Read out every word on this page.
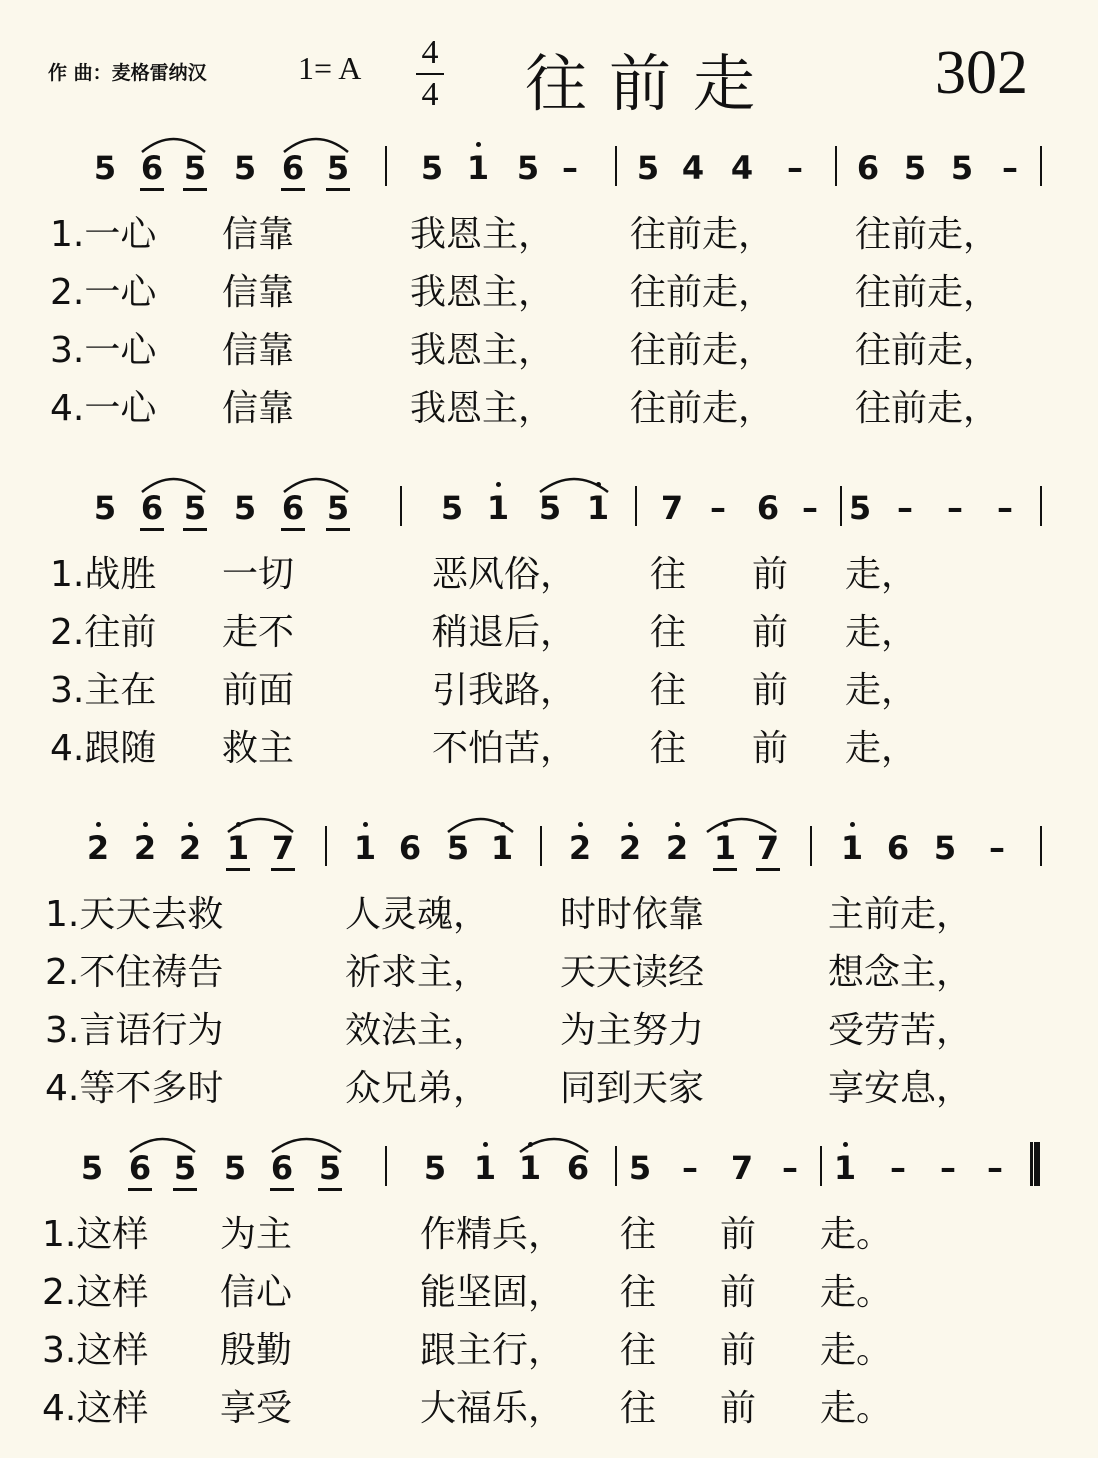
作 曲：麦格雷纳汉	1= A 4
4 往前走	302
5 6 5 5 6 5 5 1 5 – 5 4 4 – 6 5 5 –
1.一心 信靠	我恩主， 往前走， 往前走，
2.一心 信靠	我恩主， 往前走， 往前走，
3.一心 信靠	我恩主， 往前走， 往前走，
4.一心 信靠	我恩主， 往前走， 往前走，
5 6 5 5 6 5	5 1 5 1 7 – 6 – 5 – – –
1.战胜 一切	恶风俗， 往 前 走，
2.往前 走不	稍退后， 往 前 走，
3.主在 前面	引我路， 往 前 走，
4.跟随 救主	不怕苦， 往 前 走，
2 2 2 1 7 1 6 5 1 2 2 2 1 7 1 6 5 –
1.天天去救	人灵魂， 时时依靠	主前走，
2.不住祷告	祈求主， 天天读经	想念主，
3.言语行为	效法主， 为主努力	受劳苦，
4.等不多时	众兄弟， 同到天家	享安息，
5 6 5 5 6 5	5 1 1 6 5 – 7 – 1 – – –
1.这样 为主	作精兵， 往 前 走。
2.这样 信心	能坚固， 往 前 走。
3.这样 殷勤	跟主行， 往 前 走。
4.这样 享受	大福乐， 往 前 走。
